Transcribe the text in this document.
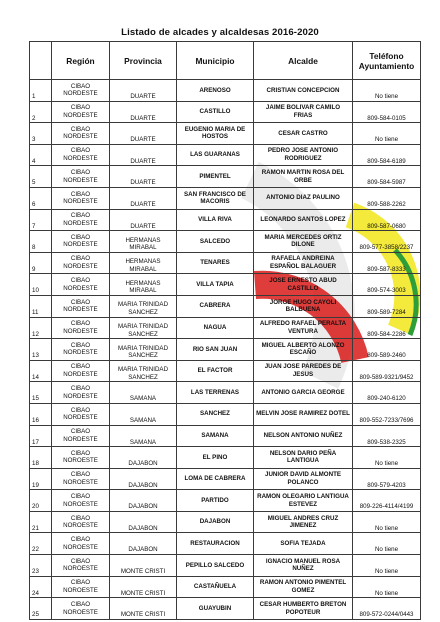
Listado de alcades y alcaldesas 2016-2020
	Región	Provincia	Municipio	Alcalde	Teléfono Ayuntamiento
1	CIBAO NORDESTE	DUARTE	ARENOSO	CRISTIAN CONCEPCION	No tiene
2	CIBAO NORDESTE	DUARTE	CASTILLO	JAIME BOLIVAR CAMILO FRIAS	809-584-0105
3	CIBAO NORDESTE	DUARTE	EUGENIO MARIA DE HOSTOS	CESAR CASTRO	No tiene
4	CIBAO NORDESTE	DUARTE	LAS GUARANAS	PEDRO JOSE ANTONIO RODRIGUEZ	809-584-6189
5	CIBAO NORDESTE	DUARTE	PIMENTEL	RAMON MARTIN ROSA DEL ORBE	809-584-5987
6	CIBAO NORDESTE	DUARTE	SAN FRANCISCO DE MACORIS	ANTONIO DIAZ PAULINO	809-588-2262
7	CIBAO NORDESTE	DUARTE	VILLA RIVA	LEONARDO SANTOS LOPEZ	809-587-0680
8	CIBAO NORDESTE	HERMANAS MIRABAL	SALCEDO	MARIA MERCEDES ORTIZ DILONE	809-577-3858/2237
9	CIBAO NORDESTE	HERMANAS MIRABAL	TENARES	RAFAELA ANDREINA ESPAÑOL BALAGUER	809-587-8333
10	CIBAO NORDESTE	HERMANAS MIRABAL	VILLA TAPIA	JOSE ERNESTO ABUD CASTILLO	809-574-3003
11	CIBAO NORDESTE	MARIA TRINIDAD SANCHEZ	CABRERA	JORGE HUGO CAYOLI BALBUENA	809-589-7284
12	CIBAO NORDESTE	MARIA TRINIDAD SANCHEZ	NAGUA	ALFREDO RAFAEL PERALTA VENTURA	809-584-2286
13	CIBAO NORDESTE	MARIA TRINIDAD SANCHEZ	RIO SAN JUAN	MIGUEL ALBERTO ALONZO ESCAÑO	809-589-2460
14	CIBAO NORDESTE	MARIA TRINIDAD SANCHEZ	EL FACTOR	JUAN JOSE PAREDES DE JESUS	809-589-9321/9452
15	CIBAO NORDESTE	SAMANA	LAS TERRENAS	ANTONIO GARCIA GEORGE	809-240-6120
16	CIBAO NORDESTE	SAMANA	SANCHEZ	MELVIN JOSE RAMIREZ DOTEL	809-552-7233/7696
17	CIBAO NORDESTE	SAMANA	SAMANA	NELSON ANTONIO NUÑEZ	809-538-2325
18	CIBAO NOROESTE	DAJABON	EL PINO	NELSON DARIO PEÑA LANTIGUA	No tiene
19	CIBAO NOROESTE	DAJABON	LOMA DE CABRERA	JUNIOR DAVID ALMONTE POLANCO	809-579-4203
20	CIBAO NOROESTE	DAJABON	PARTIDO	RAMON OLEGARIO LANTIGUA ESTEVEZ	809-226-4114/4199
21	CIBAO NOROESTE	DAJABON	DAJABON	MIGUEL ANDRES CRUZ JIMENEZ	No tiene
22	CIBAO NOROESTE	DAJABON	RESTAURACION	SOFIA TEJADA	No tiene
23	CIBAO NOROESTE	MONTE CRISTI	PEPILLO SALCEDO	IGNACIO MANUEL ROSA NUÑEZ	No tiene
24	CIBAO NOROESTE	MONTE CRISTI	CASTAÑUELA	RAMON ANTONIO PIMENTEL GOMEZ	No tiene
25	CIBAO NOROESTE	MONTE CRISTI	GUAYUBIN	CESAR HUMBERTO BRETON POPOTEUR	809-572-0244/0443
